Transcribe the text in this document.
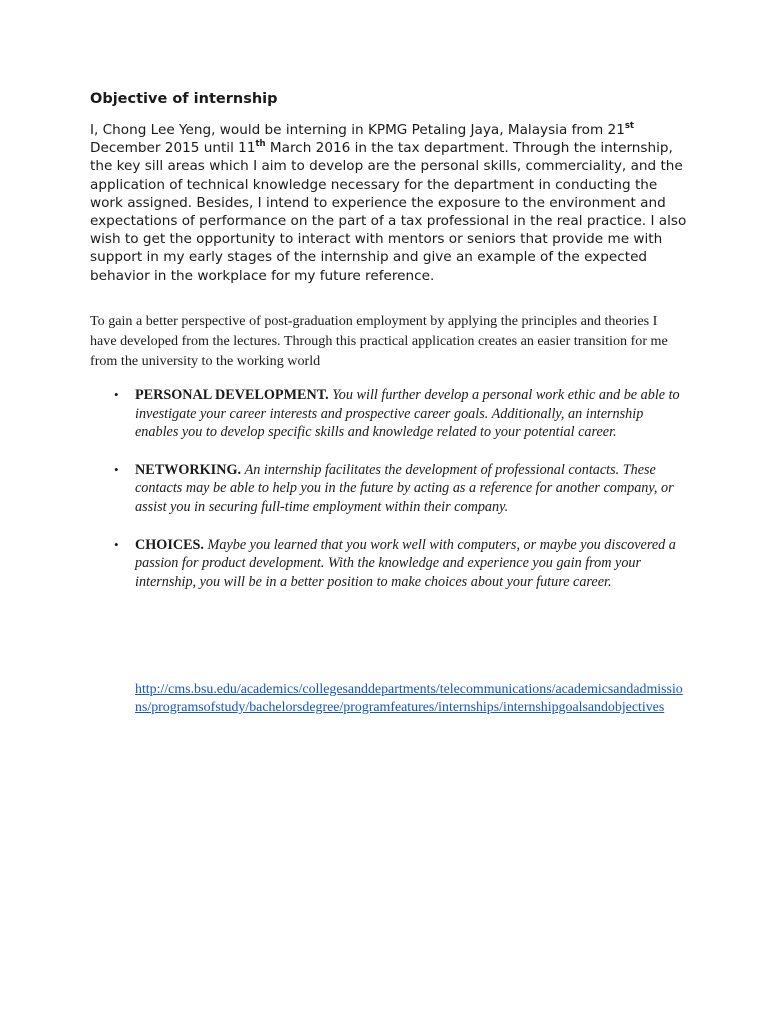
Objective of internship

I, Chong Lee Yeng, would be interning in KPMG Petaling Jaya, Malaysia from 21st December 2015 until 11th March 2016 in the tax department. Through the internship, the key sill areas which I aim to develop are the personal skills, commerciality, and the application of technical knowledge necessary for the department in conducting the work assigned. Besides, I intend to experience the exposure to the environment and expectations of performance on the part of a tax professional in the real practice. I also wish to get the opportunity to interact with mentors or seniors that provide me with support in my early stages of the internship and give an example of the expected behavior in the workplace for my future reference.

To gain a better perspective of post-graduation employment by applying the principles and theories I have developed from the lectures. Through this practical application creates an easier transition for me from the university to the working world

• PERSONAL DEVELOPMENT. You will further develop a personal work ethic and be able to investigate your career interests and prospective career goals. Additionally, an internship enables you to develop specific skills and knowledge related to your potential career.
• NETWORKING. An internship facilitates the development of professional contacts. These contacts may be able to help you in the future by acting as a reference for another company, or assist you in securing full-time employment within their company.
• CHOICES. Maybe you learned that you work well with computers, or maybe you discovered a passion for product development. With the knowledge and experience you gain from your internship, you will be in a better position to make choices about your future career.
http://cms.bsu.edu/academics/collegesanddepartments/telecommunications/academicsandadmissions/programsofstudy/bachelorsdegree/programfeatures/internships/internshipgoalsandobjectives
